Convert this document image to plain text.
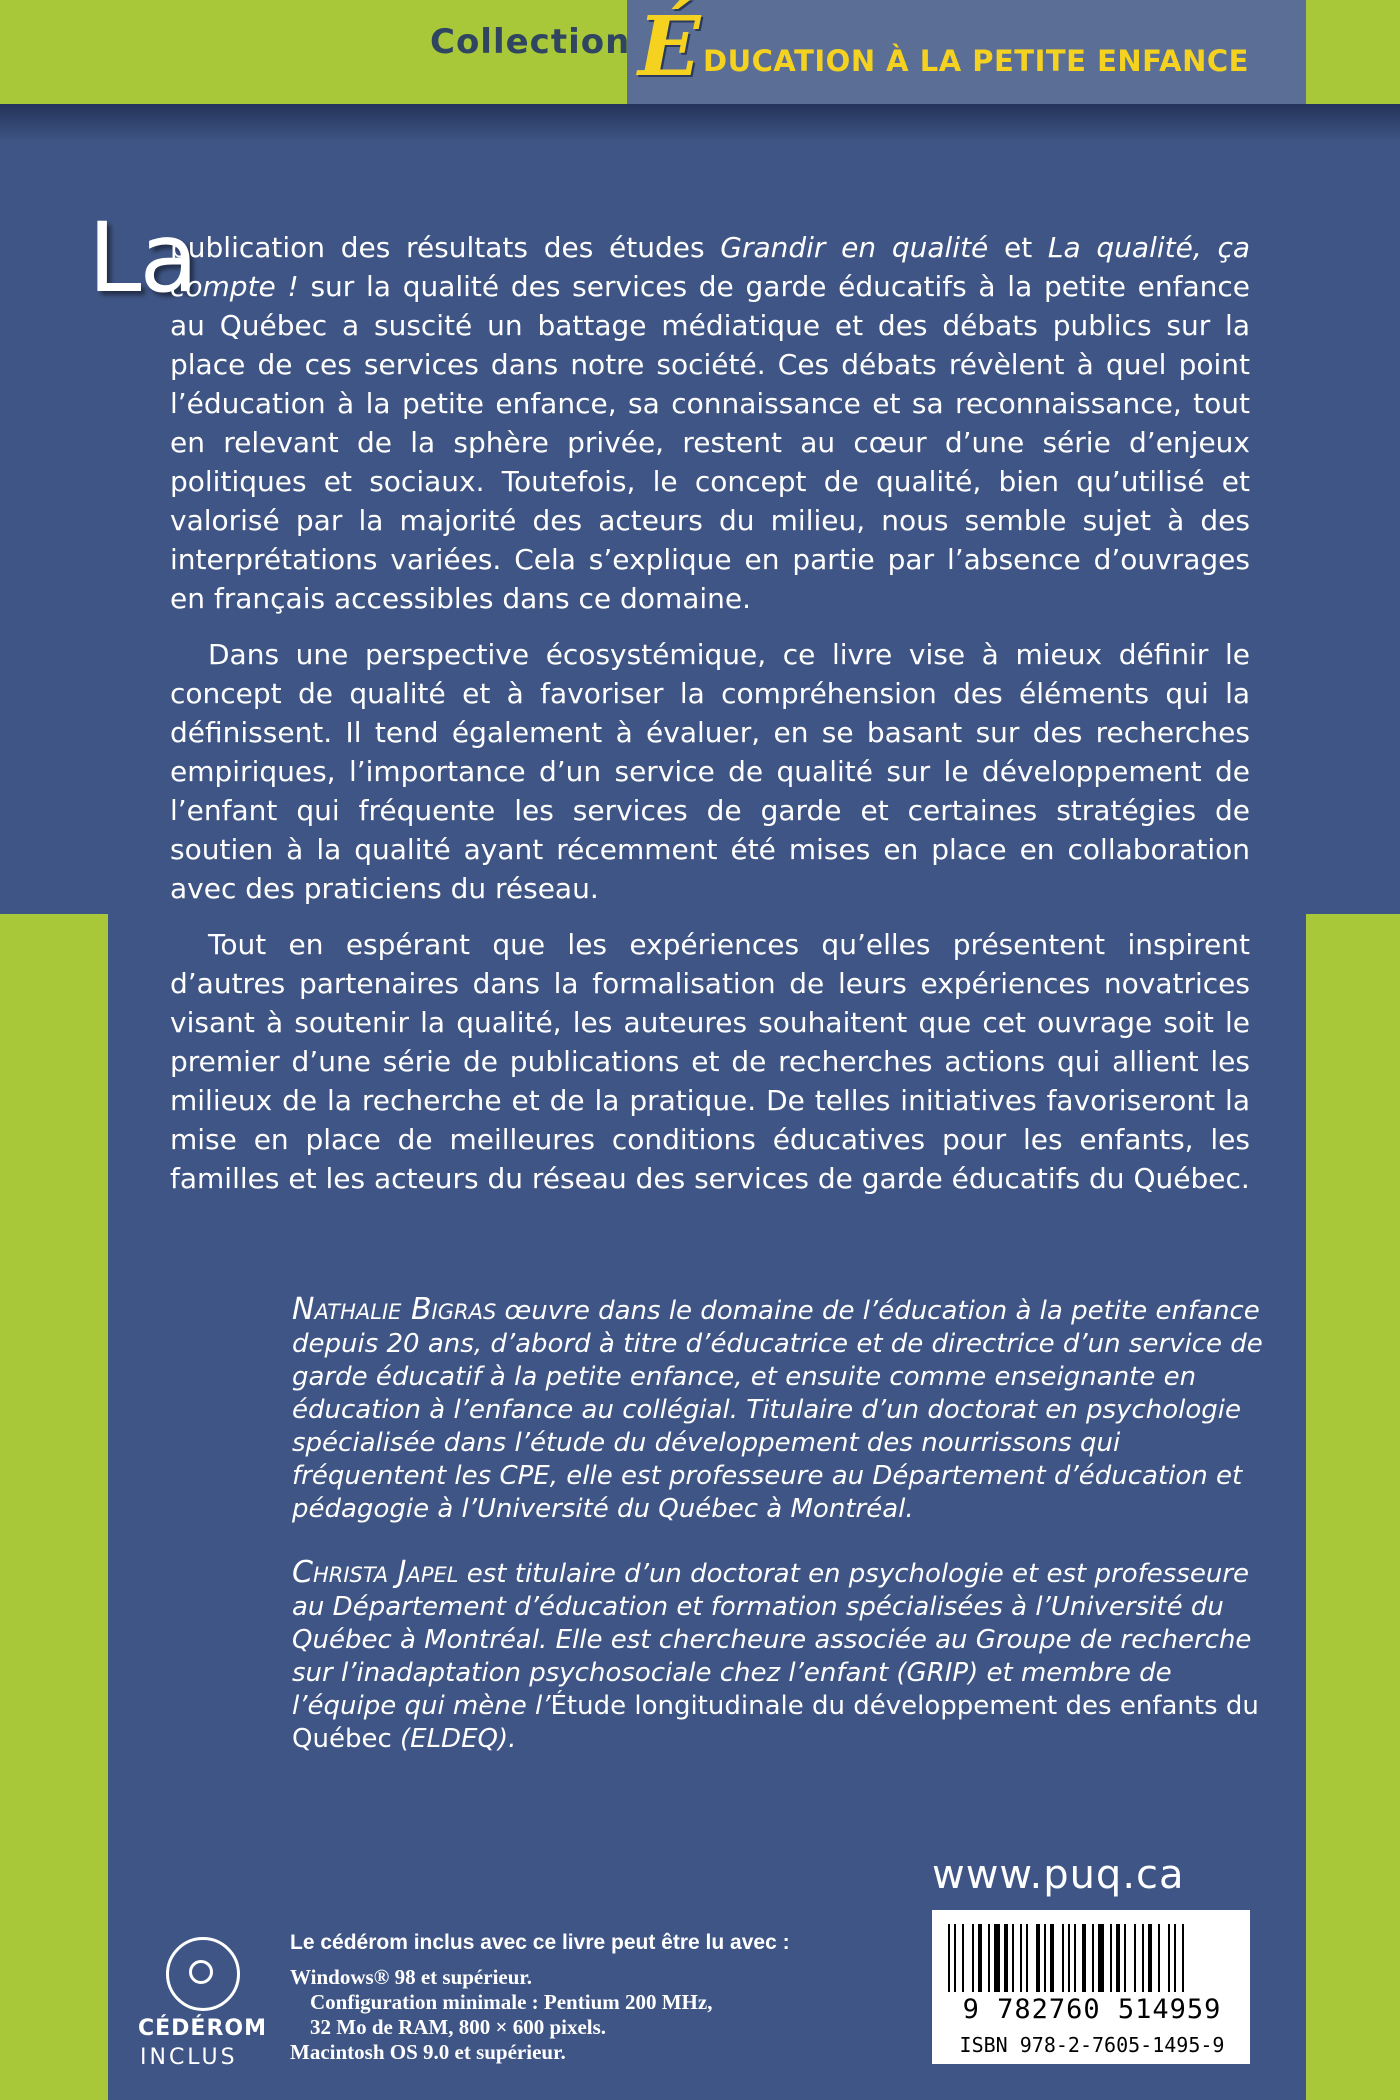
Collection É DUCATION À LA PETITE ENFANCE
La

publication des résultats des études Grandir en qualité et La qualité, ça compte ! sur la qualité des services de garde éducatifs à la petite enfance au Québec a suscité un battage médiatique et des débats publics sur la place de ces services dans notre société. Ces débats révèlent à quel point l’éducation à la petite enfance, sa connaissance et sa reconnaissance, tout en relevant de la sphère privée, restent au cœur d’une série d’enjeux politiques et sociaux. Toutefois, le concept de qualité, bien qu’utilisé et valorisé par la majorité des acteurs du milieu, nous semble sujet à des interprétations variées. Cela s’explique en partie par l’absence d’ouvrages en français accessibles dans ce domaine.

Dans une perspective écosystémique, ce livre vise à mieux définir le concept de qualité et à favoriser la compréhension des éléments qui la définissent. Il tend également à évaluer, en se basant sur des recherches empiriques, l’importance d’un service de qualité sur le développement de l’enfant qui fréquente les services de garde et certaines stratégies de soutien à la qualité ayant récemment été mises en place en collaboration avec des praticiens du réseau.

Tout en espérant que les expériences qu’elles présentent inspirent d’autres partenaires dans la formalisation de leurs expériences novatrices visant à soutenir la qualité, les auteures souhaitent que cet ouvrage soit le premier d’une série de publications et de recherches actions qui allient les milieux de la recherche et de la pratique. De telles initiatives favoriseront la mise en place de meilleures conditions éducatives pour les enfants, les familles et les acteurs du réseau des services de garde éducatifs du Québec.

Nathalie Bigras œuvre dans le domaine de l’éducation à la petite enfance depuis 20 ans, d’abord à titre d’éducatrice et de directrice d’un service de garde éducatif à la petite enfance, et ensuite comme enseignante en éducation à l’enfance au collégial. Titulaire d’un doctorat en psychologie spécialisée dans l’étude du développement des nourrissons qui fréquentent les CPE, elle est professeure au Département d’éducation et pédagogie à l’Université du Québec à Montréal.

Christa Japel est titulaire d’un doctorat en psychologie et est professeure au Département d’éducation et formation spécialisées à l’Université du Québec à Montréal. Elle est chercheure associée au Groupe de recherche sur l’inadaptation psychosociale chez l’enfant (GRIP) et membre de l’équipe qui mène l’Étude longitudinale du développement des enfants du Québec (ELDEQ).

www.puq.ca
CÉDÉROM
INCLUS
Le cédérom inclus avec ce livre peut être lu avec :
Windows® 98 et supérieur.
Configuration minimale : Pentium 200 MHz,
32 Mo de RAM, 800 × 600 pixels.
Macintosh OS 9.0 et supérieur.
9 782760 514959
ISBN 978-2-7605-1495-9
